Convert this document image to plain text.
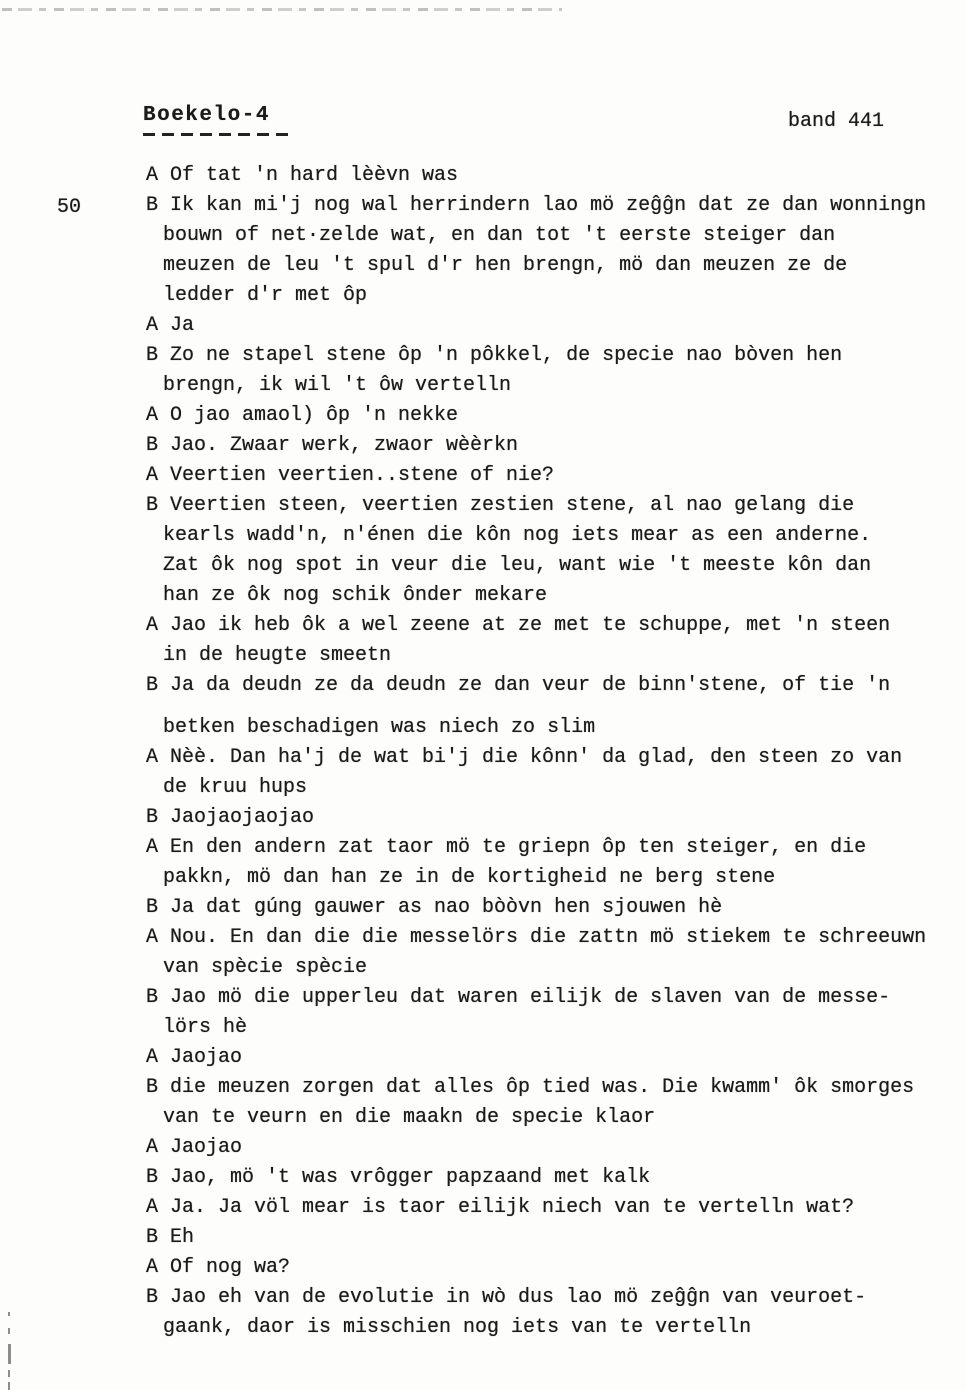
Boekelo-4	band 441
50
A Of tat 'n hard lèèvn was
B Ik kan mi'j nog wal herrindern lao mö zeĝĝn dat ze dan wonningn
bouwn of net·zelde wat, en dan tot 't eerste steiger dan
meuzen de leu 't spul d'r hen brengn, mö dan meuzen ze de
ledder d'r met ôp
A Ja
B Zo ne stapel stene ôp 'n pôkkel, de specie nao bòven hen
brengn, ik wil 't ôw vertelln
A O jao amaol) ôp 'n nekke
B Jao. Zwaar werk, zwaor wèèrkn
A Veertien veertien..stene of nie?
B Veertien steen, veertien zestien stene, al nao gelang die
kearls wadd'n, n'énen die kôn nog iets mear as een anderne.
Zat ôk nog spot in veur die leu, want wie 't meeste kôn dan
han ze ôk nog schik ônder mekare
A Jao ik heb ôk a wel zeene at ze met te schuppe, met 'n steen
in de heugte smeetn
B Ja da deudn ze da deudn ze dan veur de binn'stene, of tie 'n
betken beschadigen was niech zo slim
A Nèè. Dan ha'j de wat bi'j die kônn' da glad, den steen zo van
de kruu hups
B Jaojaojaojao
A En den andern zat taor mö te griepn ôp ten steiger, en die
pakkn, mö dan han ze in de kortigheid ne berg stene
B Ja dat gúng gauwer as nao bòòvn hen sjouwen hè
A Nou. En dan die die messelörs die zattn mö stiekem te schreeuwn
van spècie spècie
B Jao mö die upperleu dat waren eilijk de slaven van de messe-
lörs hè
A Jaojao
B die meuzen zorgen dat alles ôp tied was. Die kwamm' ôk smorges
van te veurn en die maakn de specie klaor
A Jaojao
B Jao, mö 't was vrôgger papzaand met kalk
A Ja. Ja völ mear is taor eilijk niech van te vertelln wat?
B Eh
A Of nog wa?
B Jao eh van de evolutie in wò dus lao mö zeĝĝn van veuroet-
gaank, daor is misschien nog iets van te vertelln
